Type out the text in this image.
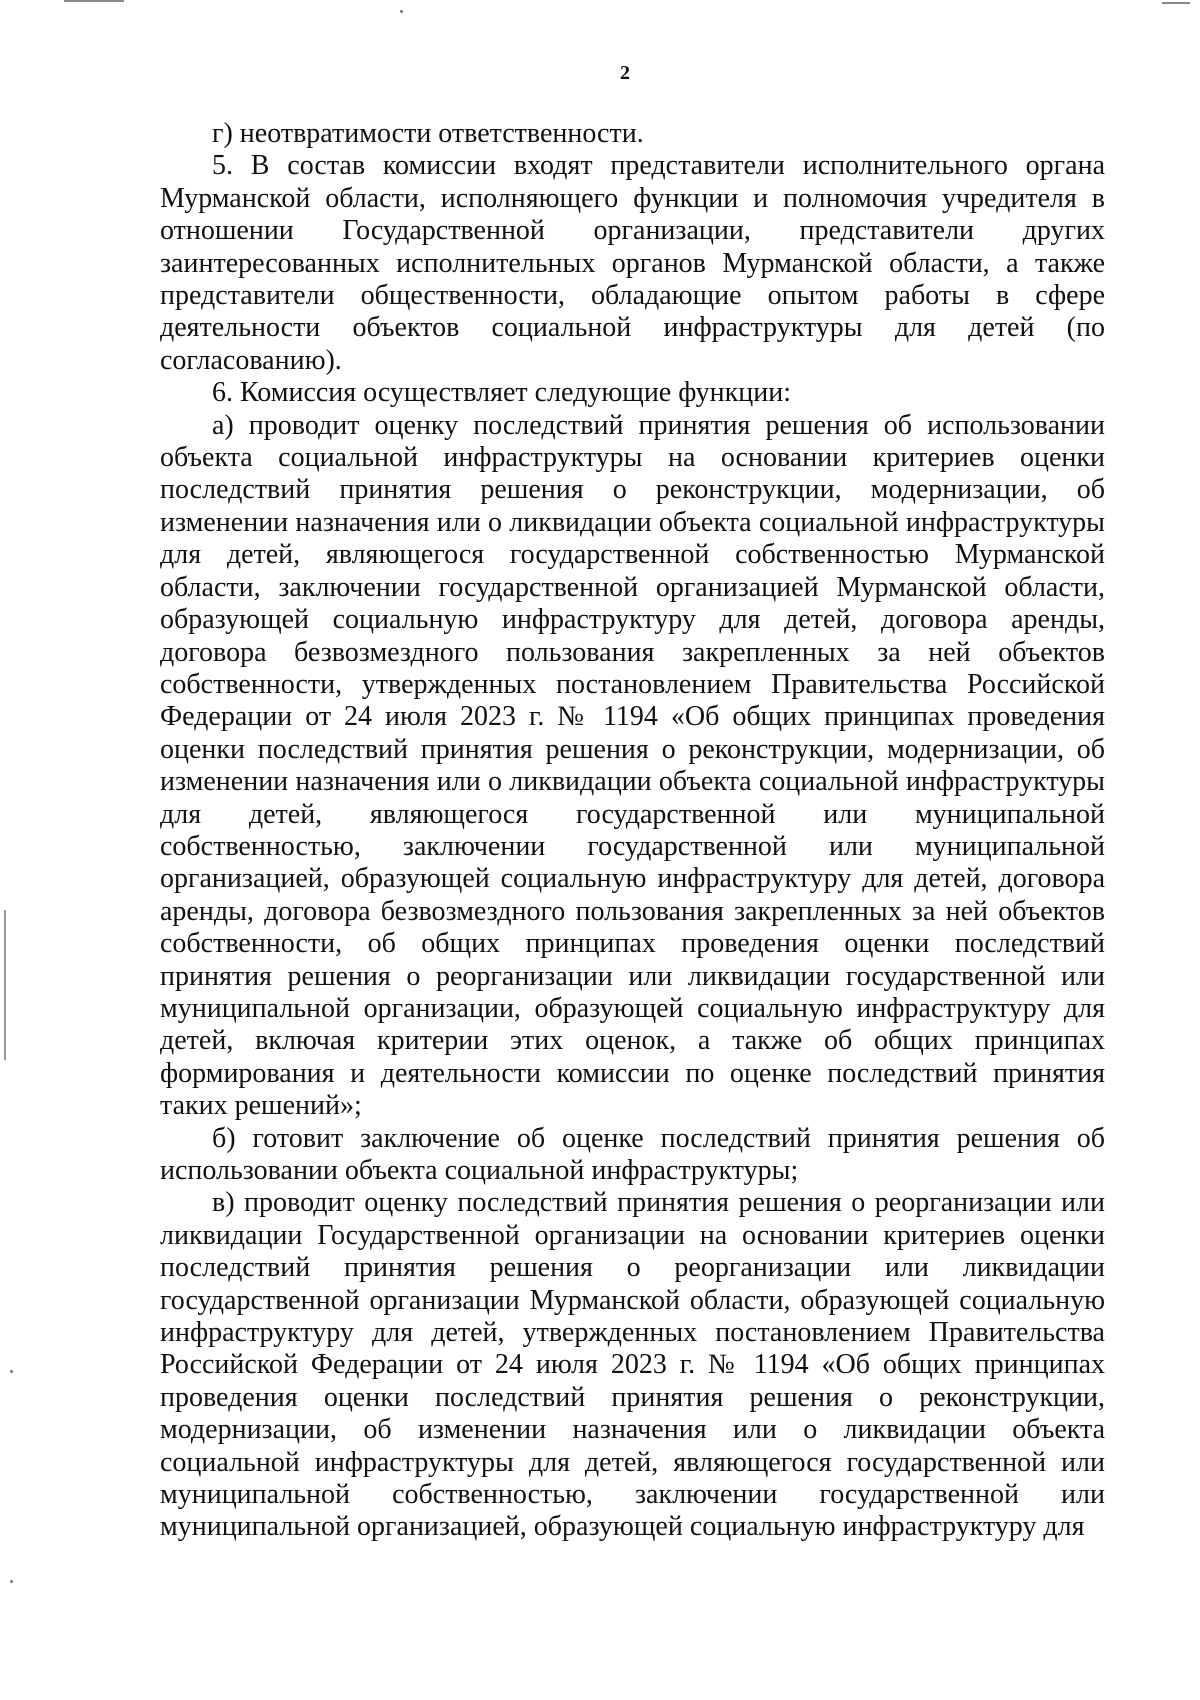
2

г) неотвратимости ответственности.

5. В состав комиссии входят представители исполнительного органа Мурманской области, исполняющего функции и полномочия учредителя в отношении Государственной организации, представители других заинтересованных исполнительных органов Мурманской области, а также представители общественности, обладающие опытом работы в сфере деятельности объектов социальной инфраструктуры для детей (по согласованию).

6. Комиссия осуществляет следующие функции:

а) проводит оценку последствий принятия решения об использовании объекта социальной инфраструктуры на основании критериев оценки последствий принятия решения о реконструкции, модернизации, об изменении назначения или о ликвидации объекта социальной инфраструктуры для детей, являющегося государственной собственностью Мурманской области, заключении государственной организацией Мурманской области, образующей социальную инфраструктуру для детей, договора аренды, договора безвозмездного пользования закрепленных за ней объектов собственности, утвержденных постановлением Правительства Российской Федерации от 24 июля 2023 г. № 1194 «Об общих принципах проведения оценки последствий принятия решения о реконструкции, модернизации, об изменении назначения или о ликвидации объекта социальной инфраструктуры для детей, являющегося государственной или муниципальной собственностью, заключении государственной или муниципальной организацией, образующей социальную инфраструктуру для детей, договора аренды, договора безвозмездного пользования закрепленных за ней объектов собственности, об общих принципах проведения оценки последствий принятия решения о реорганизации или ликвидации государственной или муниципальной организации, образующей социальную инфраструктуру для детей, включая критерии этих оценок, а также об общих принципах формирования и деятельности комиссии по оценке последствий принятия таких решений»;

б) готовит заключение об оценке последствий принятия решения об использовании объекта социальной инфраструктуры;

в) проводит оценку последствий принятия решения о реорганизации или ликвидации Государственной организации на основании критериев оценки последствий принятия решения о реорганизации или ликвидации государственной организации Мурманской области, образующей социальную инфраструктуру для детей, утвержденных постановлением Правительства Российской Федерации от 24 июля 2023 г. № 1194 «Об общих принципах проведения оценки последствий принятия решения о реконструкции, модернизации, об изменении назначения или о ликвидации объекта социальной инфраструктуры для детей, являющегося государственной или муниципальной собственностью, заключении государственной или муниципальной организацией, образующей социальную инфраструктуру для
